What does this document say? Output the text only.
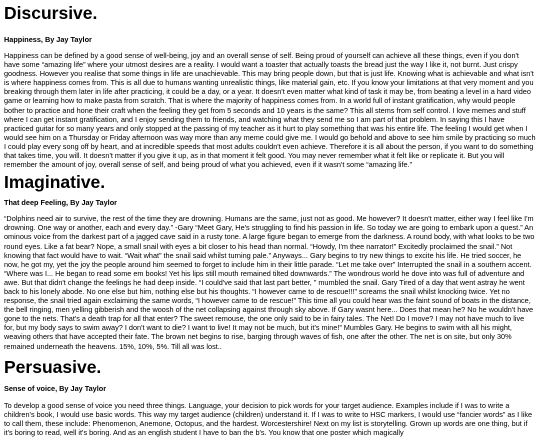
Discursive.
Happiness, By Jay Taylor

Happiness can be defined by a good sense of well-being, joy and an overall sense of self. Being proud of yourself can achieve all these things, even if you don't have some “amazing life” where your utmost desires are a reality. I would want a toaster that actually toasts the bread just the way I like it, not burnt. Just crispy goodness. However you realise that some things in life are unachievable. This may bring people down, but that is just life. Knowing what is achievable and what isn't is where happiness comes from. This is all due to humans wanting unrealistic things, like material gain, etc. If you know your limitations at that very moment and you breaking through them later in life after practicing, it could be a day, or a year. It doesn't even matter what kind of task it may be, from beating a level in a hard video game or learning how to make pasta from scratch. That is where the majority of happiness comes from. In a world full of instant gratification, why would people bother to practice and hone their craft when the feeling they get from 5 seconds and 10 years is the same? This all stems from self control. I love memes and stuff where I can get instant gratification, and I enjoy sending them to friends, and watching what they send me so I am part of that problem. In saying this I have practiced guitar for so many years and only stopped at the passing of my teacher as it hurt to play something that was his entire life. The feeling I would get when I would see him on a Thursday or Friday afternoon was way more than any meme could give me. I would go behold and above to see him smile by practicing so much I could play every song off by heart, and at incredible speeds that most adults couldn't even achieve. Therefore it is all about the person, if you want to do something that takes time, you will. It doesn't matter if you give it up, as in that moment it felt good. You may never remember what it felt like or replicate it. But you will remember the amount of joy, overall sense of self, and being proud of what you achieved, even if it wasn't some “amazing life.”

Imaginative.
That deep Feeling, By Jay Taylor

“Dolphins need air to survive, the rest of the time they are drowning. Humans are the same, just not as good. Me however? It doesn't matter, either way I feel like I'm drowning. One way or another, each and every day.” -Gary “Meet Gary, He's struggling to find his passion in life. So today we are going to embark upon a quest.” An ominous voice from the darkest part of a jagged cave said in a rusty tone. A large figure began to emerge from the darkness. A round body, with what looks to be two round eyes. Like a fat bear? Nope, a small snail with eyes a bit closer to his head than normal. “Howdy, I'm thee narrator!” Excitedly proclaimed the snail.” Not knowing that fact would have to wait. “Wait what” the snail said whilst turning pale.” Anyways... Gary begins to try new things to excite his life. He tried soccer, he now, he got my, yet the joy the people around him seemed to forget to include him in their little parade. “Let me take over” Interrupted the snail in a southern accent. “Where was I... He began to read some em books! Yet his lips still mouth remained tilted downwards.” The wondrous world he dove into was full of adventure and awe. But that didn't change the feelings he had deep inside. “I could've said that last part better, ” mumbled the snail. Gary Tired of a day that went astray he went back to his lonely abode. No one else but him, nothing else but his thoughts. “I however came to de rescue!!!” screams the snail whilst knocking twice. Yet no response, the snail tried again exclaiming the same words, “I however came to de rescue!” This time all you could hear was the faint sound of boats in the distance, the bell ringing, men yelling gibberish and the woosh of the net collapsing against through sky above. If Gary wasnt here... Does that mean he? No he wouldn't have gone to the nets. That's a death trap for all that enter? The sweet remouse, the one only said to be in fairy tales. The Net! Do I move? I may not have much to live for, but my body says to swim away? I don't want to die? I want to live! It may not be much, but it's mine!” Mumbles Gary. He begins to swim with all his might, weaving others that have accepted their fate. The brown net begins to rise, barging through waves of fish, one after the other. The net is on site, but only 30% remained underneath the heavens. 15%, 10%, 5%. Till all was lost..

Persuasive.
Sense of voice, By Jay Taylor

To develop a good sense of voice you need three things. Language, your decision to pick words for your target audience. Examples include if I was to write a children's book, I would use basic words. This way my target audience (children) understand it. If I was to write to HSC markers, I would use “fancier words” as I like to call them, these include: Phenomenon, Anemone, Octopus, and the hardest. Worcestershire! Next on my list is storytelling. Grown up words are one thing, but if it's boring to read, well it's boring. And as an english student I have to ban the b's. You know that one poster which magically
